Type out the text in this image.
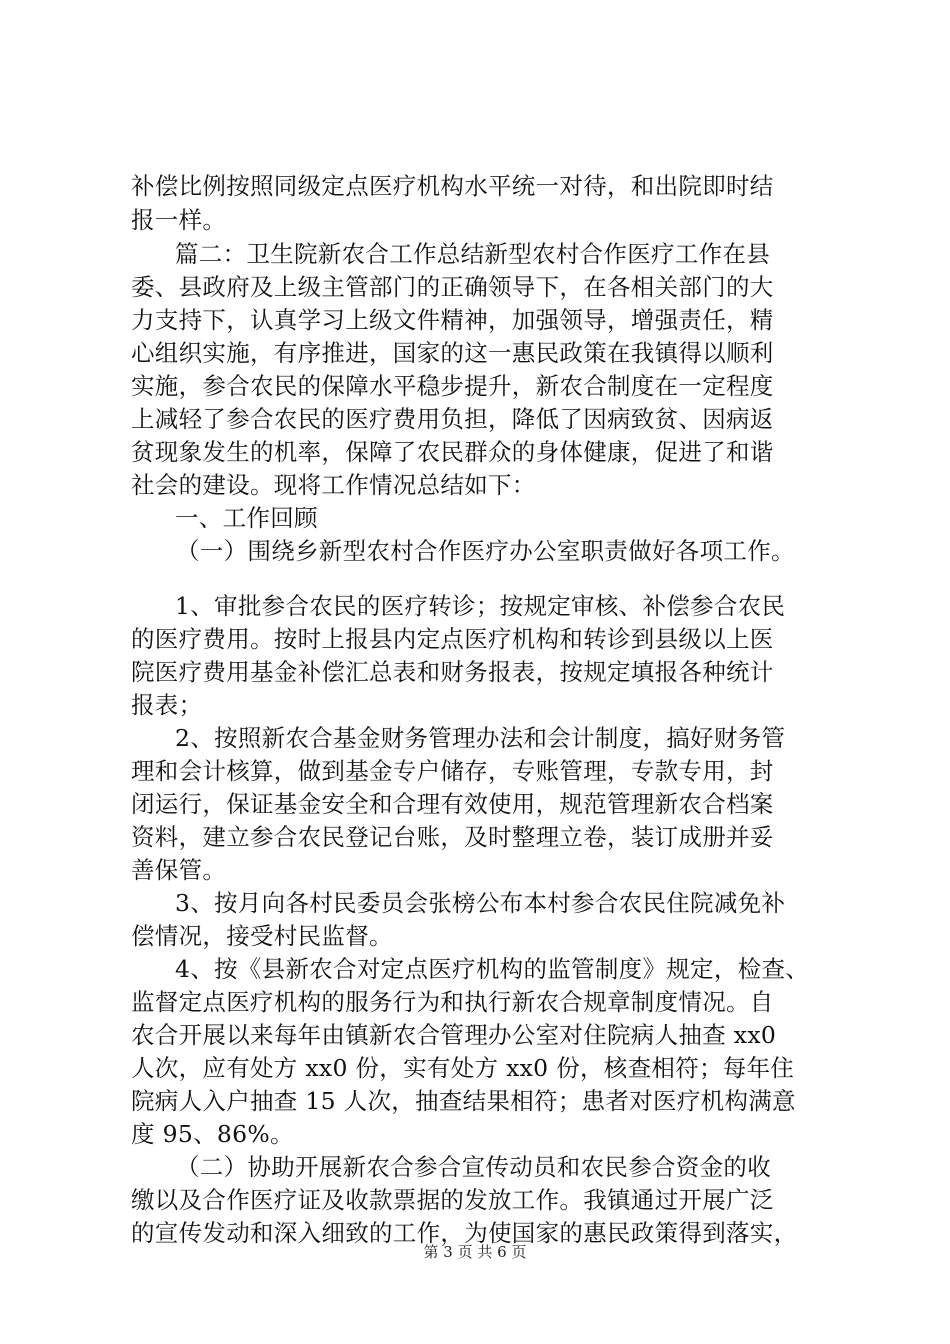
补偿比例按照同级定点医疗机构水平统一对待，和出院即时结
报一样。
篇二：卫生院新农合工作总结新型农村合作医疗工作在县
委、县政府及上级主管部门的正确领导下，在各相关部门的大
力支持下，认真学习上级文件精神，加强领导，增强责任，精
心组织实施，有序推进，国家的这一惠民政策在我镇得以顺利
实施，参合农民的保障水平稳步提升，新农合制度在一定程度
上减轻了参合农民的医疗费用负担，降低了因病致贫、因病返
贫现象发生的机率，保障了农民群众的身体健康，促进了和谐
社会的建设。现将工作情况总结如下：
一、工作回顾
（一）围绕乡新型农村合作医疗办公室职责做好各项工作。
1、审批参合农民的医疗转诊；按规定审核、补偿参合农民
的医疗费用。按时上报县内定点医疗机构和转诊到县级以上医
院医疗费用基金补偿汇总表和财务报表，按规定填报各种统计
报表；
2、按照新农合基金财务管理办法和会计制度，搞好财务管
理和会计核算，做到基金专户储存，专账管理，专款专用，封
闭运行，保证基金安全和合理有效使用，规范管理新农合档案
资料，建立参合农民登记台账，及时整理立卷，装订成册并妥
善保管。
3、按月向各村民委员会张榜公布本村参合农民住院减免补
偿情况，接受村民监督。
4、按《县新农合对定点医疗机构的监管制度》规定，检查、
监督定点医疗机构的服务行为和执行新农合规章制度情况。自
农合开展以来每年由镇新农合管理办公室对住院病人抽查 xx0
人次，应有处方 xx0 份，实有处方 xx0 份，核查相符；每年住
院病人入户抽查 15 人次，抽查结果相符；患者对医疗机构满意
度 95、86%。
（二）协助开展新农合参合宣传动员和农民参合资金的收
缴以及合作医疗证及收款票据的发放工作。我镇通过开展广泛
的宣传发动和深入细致的工作，为使国家的惠民政策得到落实，
第 3 页 共 6 页
